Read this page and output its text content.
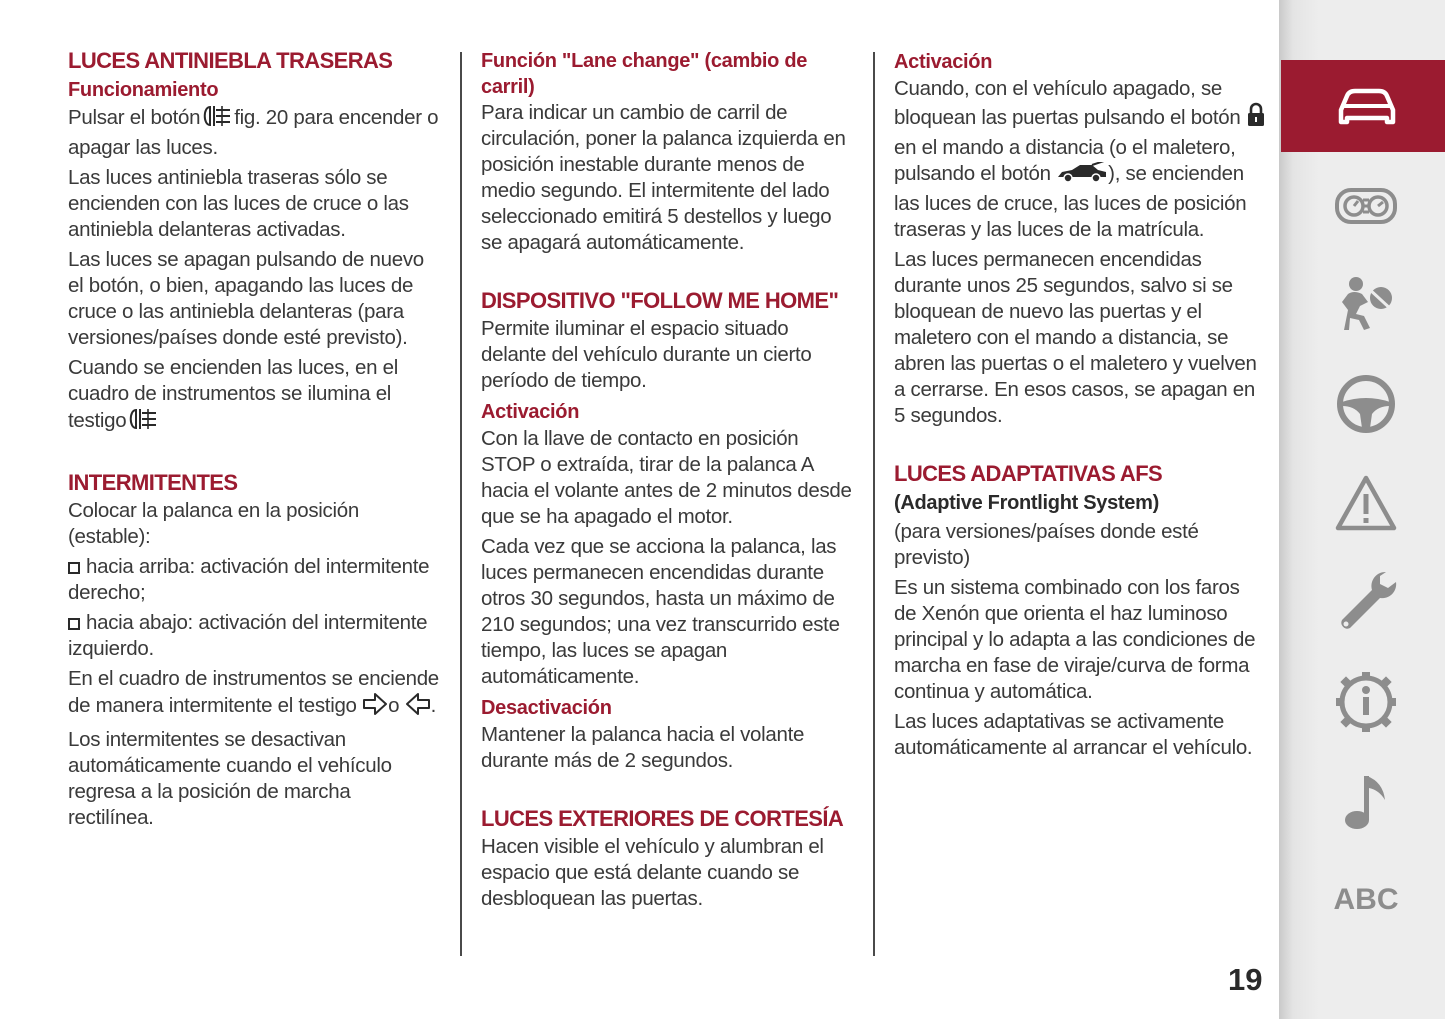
LUCES ANTINIEBLA TRASERAS
Funcionamiento

Pulsar el botón fig. 20 para encender o apagar las luces.

Las luces antiniebla traseras sólo se encienden con las luces de cruce o las antiniebla delanteras activadas.

Las luces se apagan pulsando de nuevo el botón, o bien, apagando las luces de cruce o las antiniebla delanteras (para versiones/países donde esté previsto).

Cuando se encienden las luces, en el cuadro de instrumentos se ilumina el testigo

INTERMITENTES

Colocar la palanca en la posición (estable):

hacia arriba: activación del intermitente derecho;

hacia abajo: activación del intermitente izquierdo.

En el cuadro de instrumentos se enciende de manera intermitente el testigo o .

Los intermitentes se desactivan automáticamente cuando el vehículo regresa a la posición de marcha rectilínea.

Función "Lane change" (cambio de carril)

Para indicar un cambio de carril de circulación, poner la palanca izquierda en posición inestable durante menos de medio segundo. El intermitente del lado seleccionado emitirá 5 destellos y luego se apagará automáticamente.

DISPOSITIVO "FOLLOW ME HOME"

Permite iluminar el espacio situado delante del vehículo durante un cierto período de tiempo.

Activación

Con la llave de contacto en posición STOP o extraída, tirar de la palanca A hacia el volante antes de 2 minutos desde que se ha apagado el motor.

Cada vez que se acciona la palanca, las luces permanecen encendidas durante otros 30 segundos, hasta un máximo de 210 segundos; una vez transcurrido este tiempo, las luces se apagan automáticamente.

Desactivación

Mantener la palanca hacia el volante durante más de 2 segundos.

LUCES EXTERIORES DE CORTESÍA

Hacen visible el vehículo y alumbran el espacio que está delante cuando se desbloquean las puertas.

Activación

Cuando, con el vehículo apagado, se bloquean las puertas pulsando el botón  en el mando a distancia (o el maletero, pulsando el botón	), se encienden las luces de cruce, las luces de posición traseras y las luces de la matrícula.

Las luces permanecen encendidas durante unos 25 segundos, salvo si se bloquean de nuevo las puertas y el maletero con el mando a distancia, se abren las puertas o el maletero y vuelven a cerrarse. En esos casos, se apagan en 5 segundos.

LUCES ADAPTATIVAS AFS
(Adaptive Frontlight System)

(para versiones/países donde esté previsto)

Es un sistema combinado con los faros de Xenón que orienta el haz luminoso principal y lo adapta a las condiciones de marcha en fase de viraje/curva de forma continua y automática.

Las luces adaptativas se activamente automáticamente al arrancar el vehículo.

ABC
19
